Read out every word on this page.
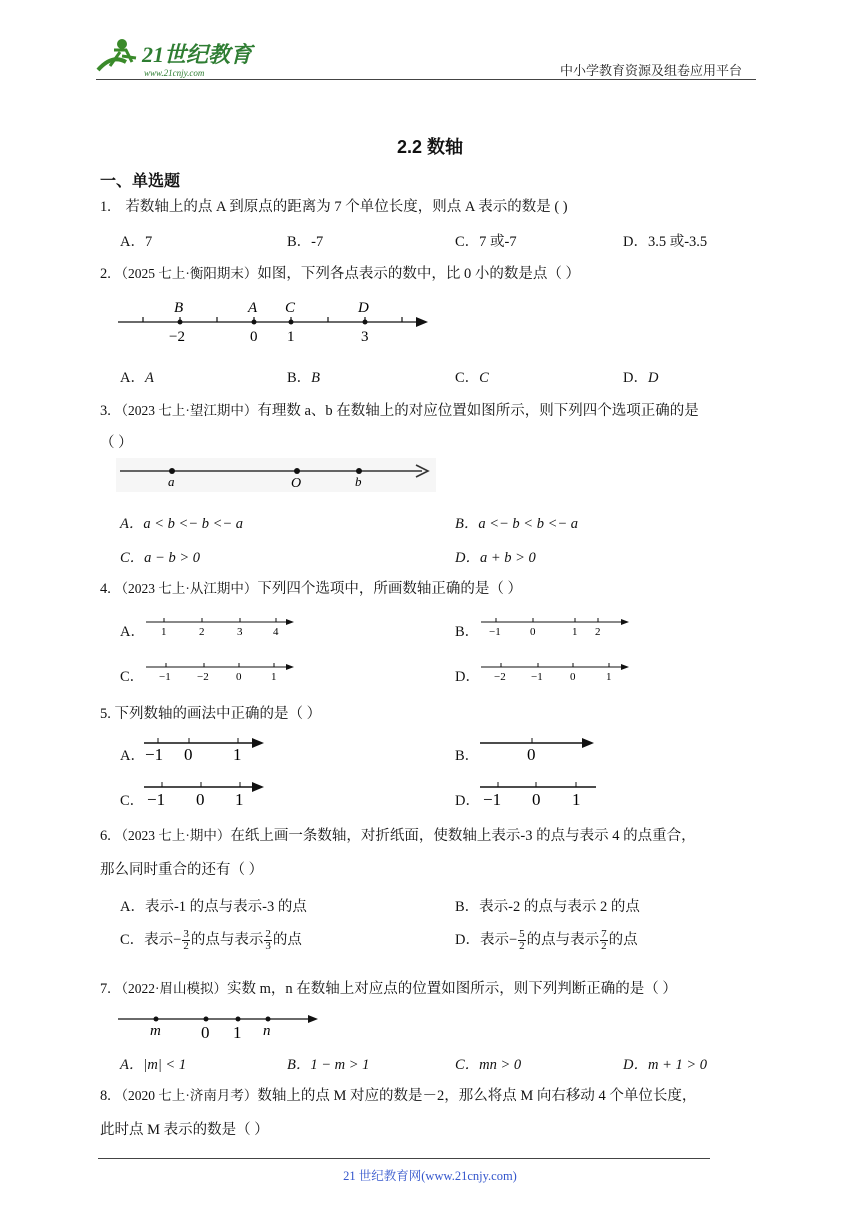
21世纪教育
www.21cnjy.com	中小学教育资源及组卷应用平台
2.2 数轴
一、单选题
1. 若数轴上的点 A 到原点的距离为 7 个单位长度，则点 A 表示的数是 ( )
A．7	B．-7	C．7 或-7	D．3.5 或-3.5
2. （2025 七上·衡阳期末）如图，下列各点表示的数中，比 0 小的数是点（ ）
B	A C	D
−2	0 1	3
A．A	B．B	C．C	D．D
3. （2023 七上·望江期中）有理数 a、b 在数轴上的对应位置如图所示，则下列四个选项正确的是
（ ）
a	O	b
A．a < b <− b <− a	B．a <− b < b <− a
C．a − b > 0	D．a + b > 0
4. （2023 七上·从江期中）下列四个选项中，所画数轴正确的是（ ）
A． 1	2	3	4	B． −1	0	1 2
C． −1 −2 0	1	D． −2 −1 0	1
5. 下列数轴的画法中正确的是（ ）
A． −1 0 1	B．	0
C． −1 0 1	D． −1 0 1
6. （2023 七上·期中）在纸上画一条数轴，对折纸面，使数轴上表示-3 的点与表示 4 的点重合，
那么同时重合的还有（ ）
A．表示-1 的点与表示-3 的点	B．表示-2 的点与表示 2 的点
C．表示− $\frac{3}{2}$ 的点与表示 $\frac{2}{3}$ 的点	D．表示− $\frac{5}{2}$ 的点与表示 $\frac{7}{2}$ 的点
7. （2022·眉山模拟）实数 m，n 在数轴上对应点的位置如图所示，则下列判断正确的是（ ）
m 0 1 n
A．|m| < 1	B．1 − m > 1	C．mn > 0	D．m + 1 > 0
8. （2020 七上·济南月考）数轴上的点 M 对应的数是－2，那么将点 M 向右移动 4 个单位长度，
此时点 M 表示的数是（ ）
21 世纪教育网(www.21cnjy.com)
